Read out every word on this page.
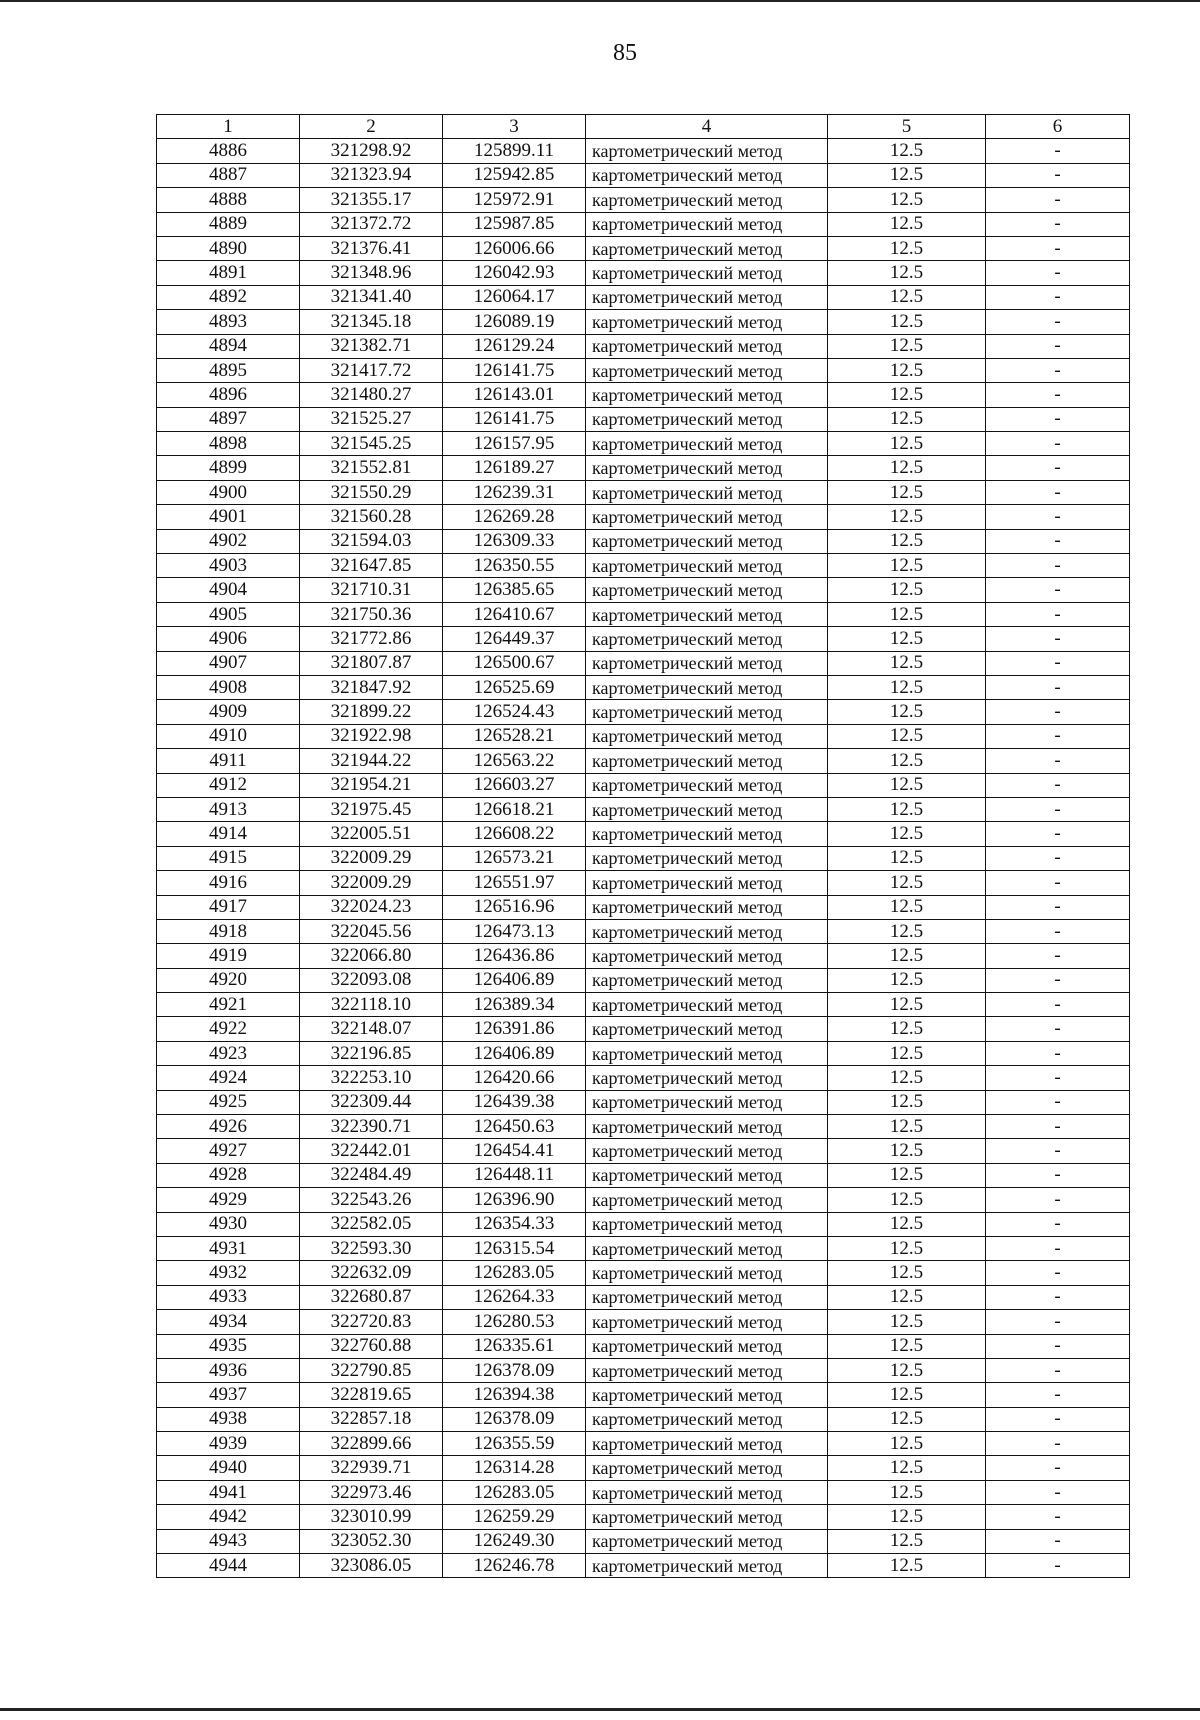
85
1	2	3	4	5	6
4886	321298.92	125899.11	картометрический метод	12.5	-
4887	321323.94	125942.85	картометрический метод	12.5	-
4888	321355.17	125972.91	картометрический метод	12.5	-
4889	321372.72	125987.85	картометрический метод	12.5	-
4890	321376.41	126006.66	картометрический метод	12.5	-
4891	321348.96	126042.93	картометрический метод	12.5	-
4892	321341.40	126064.17	картометрический метод	12.5	-
4893	321345.18	126089.19	картометрический метод	12.5	-
4894	321382.71	126129.24	картометрический метод	12.5	-
4895	321417.72	126141.75	картометрический метод	12.5	-
4896	321480.27	126143.01	картометрический метод	12.5	-
4897	321525.27	126141.75	картометрический метод	12.5	-
4898	321545.25	126157.95	картометрический метод	12.5	-
4899	321552.81	126189.27	картометрический метод	12.5	-
4900	321550.29	126239.31	картометрический метод	12.5	-
4901	321560.28	126269.28	картометрический метод	12.5	-
4902	321594.03	126309.33	картометрический метод	12.5	-
4903	321647.85	126350.55	картометрический метод	12.5	-
4904	321710.31	126385.65	картометрический метод	12.5	-
4905	321750.36	126410.67	картометрический метод	12.5	-
4906	321772.86	126449.37	картометрический метод	12.5	-
4907	321807.87	126500.67	картометрический метод	12.5	-
4908	321847.92	126525.69	картометрический метод	12.5	-
4909	321899.22	126524.43	картометрический метод	12.5	-
4910	321922.98	126528.21	картометрический метод	12.5	-
4911	321944.22	126563.22	картометрический метод	12.5	-
4912	321954.21	126603.27	картометрический метод	12.5	-
4913	321975.45	126618.21	картометрический метод	12.5	-
4914	322005.51	126608.22	картометрический метод	12.5	-
4915	322009.29	126573.21	картометрический метод	12.5	-
4916	322009.29	126551.97	картометрический метод	12.5	-
4917	322024.23	126516.96	картометрический метод	12.5	-
4918	322045.56	126473.13	картометрический метод	12.5	-
4919	322066.80	126436.86	картометрический метод	12.5	-
4920	322093.08	126406.89	картометрический метод	12.5	-
4921	322118.10	126389.34	картометрический метод	12.5	-
4922	322148.07	126391.86	картометрический метод	12.5	-
4923	322196.85	126406.89	картометрический метод	12.5	-
4924	322253.10	126420.66	картометрический метод	12.5	-
4925	322309.44	126439.38	картометрический метод	12.5	-
4926	322390.71	126450.63	картометрический метод	12.5	-
4927	322442.01	126454.41	картометрический метод	12.5	-
4928	322484.49	126448.11	картометрический метод	12.5	-
4929	322543.26	126396.90	картометрический метод	12.5	-
4930	322582.05	126354.33	картометрический метод	12.5	-
4931	322593.30	126315.54	картометрический метод	12.5	-
4932	322632.09	126283.05	картометрический метод	12.5	-
4933	322680.87	126264.33	картометрический метод	12.5	-
4934	322720.83	126280.53	картометрический метод	12.5	-
4935	322760.88	126335.61	картометрический метод	12.5	-
4936	322790.85	126378.09	картометрический метод	12.5	-
4937	322819.65	126394.38	картометрический метод	12.5	-
4938	322857.18	126378.09	картометрический метод	12.5	-
4939	322899.66	126355.59	картометрический метод	12.5	-
4940	322939.71	126314.28	картометрический метод	12.5	-
4941	322973.46	126283.05	картометрический метод	12.5	-
4942	323010.99	126259.29	картометрический метод	12.5	-
4943	323052.30	126249.30	картометрический метод	12.5	-
4944	323086.05	126246.78	картометрический метод	12.5	-
